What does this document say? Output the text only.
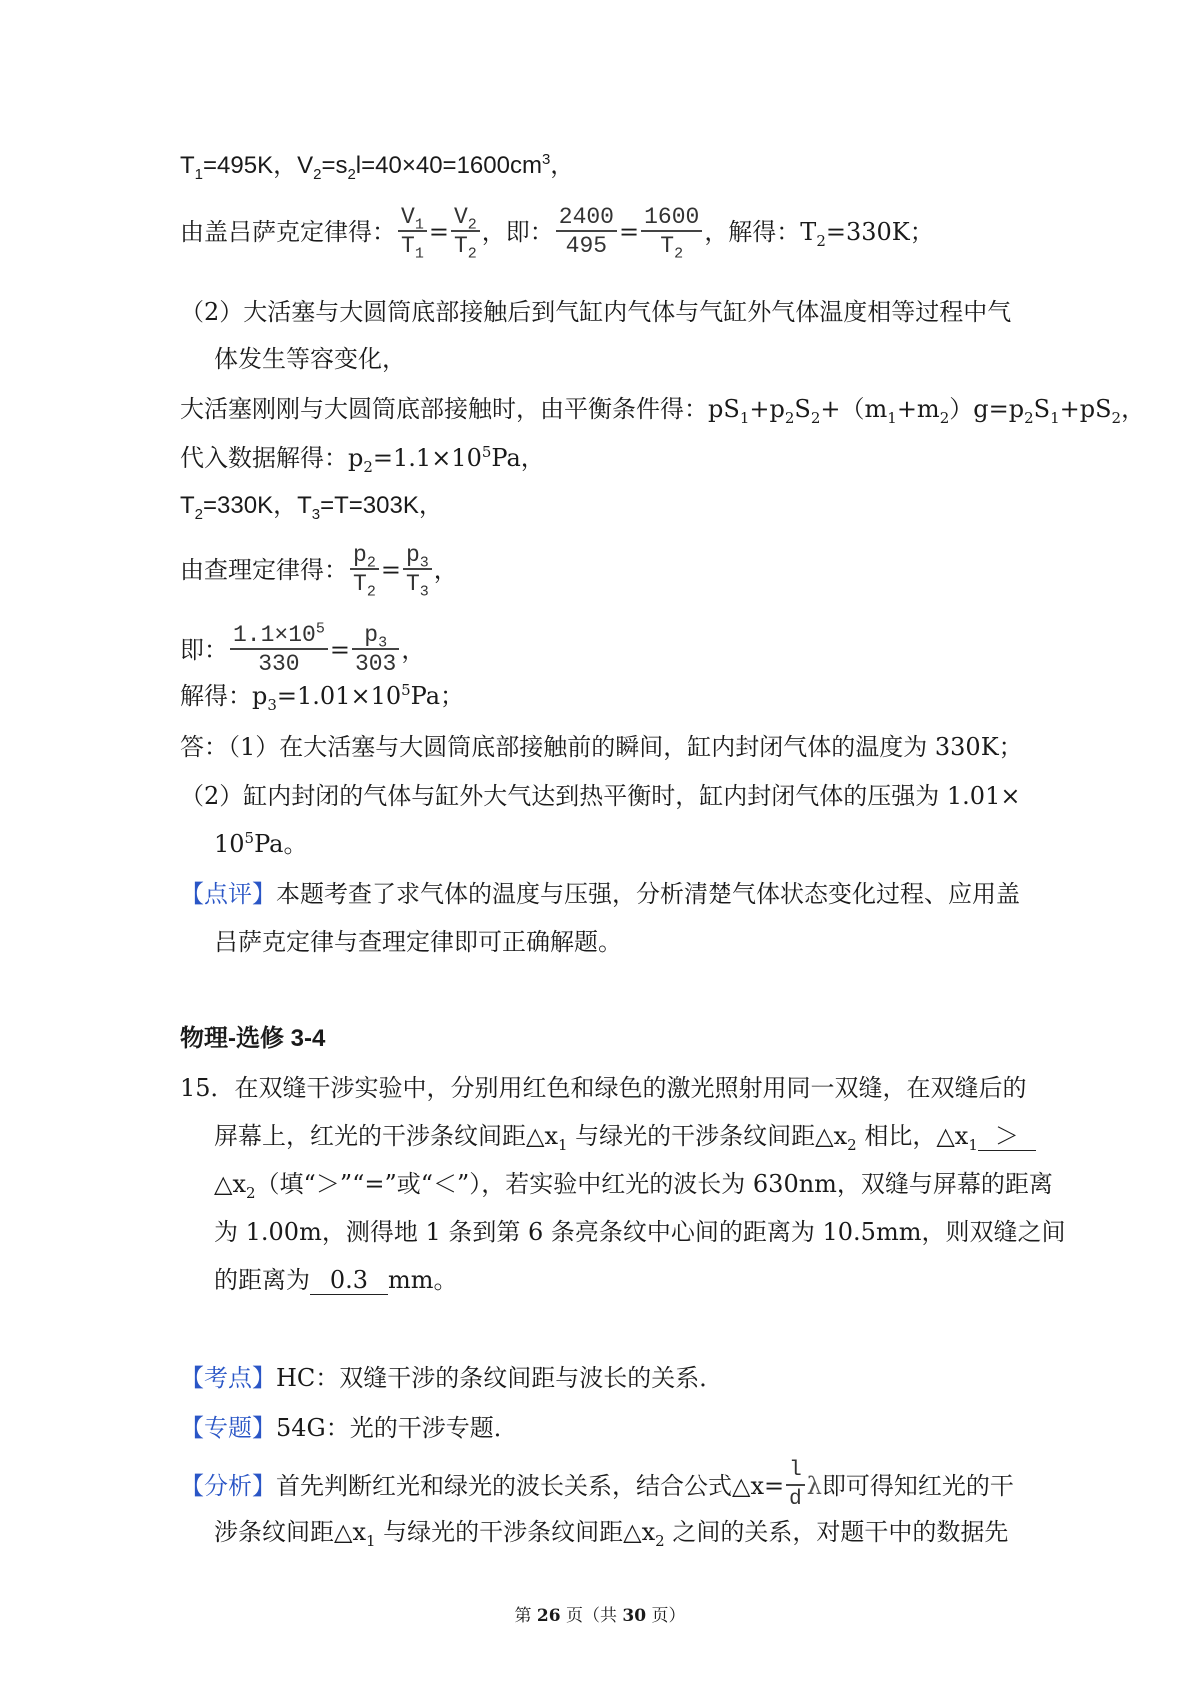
$T_1=495K$，$V_2=s_2l=40\times 40=1600cm^3$，
由盖吕萨克定律得： $\frac{V_1}{T_1} = \frac{V_2}{T_2}$ ，即： $\frac{2400}{495} = \frac{1600}{T_2}$ ，解得：$T_2=330K$；
（2）大活塞与大圆筒底部接触后到气缸内气体与气缸外气体温度相等过程中气
体发生等容变化，
大活塞刚刚与大圆筒底部接触时，由平衡条件得：$pS_1+p_2S_2+(m_1+m_2)g=p_2S_1+pS_2$，
代入数据解得：$p_2=1.1\times 10^5Pa$，
$T_2=330K$，$T_3=T=303K$，
由查理定律得： $\frac{p_2}{T_2} = \frac{p_3}{T_3}$ ，
即： $\frac{1.1\times 10^5}{330} = \frac{p_3}{303}$ ，
解得：$p_3=1.01\times 10^5Pa$；
答：（1）在大活塞与大圆筒底部接触前的瞬间，缸内封闭气体的温度为 330K；
（2）缸内封闭的气体与缸外大气达到热平衡时，缸内封闭气体的压强为 1.01×
$10^5Pa$。
【点评】本题考查了求气体的温度与压强，分析清楚气体状态变化过程、应用盖
吕萨克定律与查理定律即可正确解题。
物理-选修 3-4
15．在双缝干涉实验中，分别用红色和绿色的激光照射用同一双缝，在双缝后的
屏幕上，红光的干涉条纹间距$\triangle x_1$ 与绿光的干涉条纹间距$\triangle x_2$ 相比，$\triangle x_1$ ＞
$\triangle x_2$（填“＞”“=”或“＜”），若实验中红光的波长为 630nm，双缝与屏幕的距离
为 1.00m，测得地 1 条到第 6 条亮条纹中心间的距离为 10.5mm，则双缝之间
的距离为 0.3 mm。
【考点】HC：双缝干涉的条纹间距与波长的关系．
【专题】54G：光的干涉专题．
【分析】首先判断红光和绿光的波长关系，结合公式△x= $\frac{l}{d}$ λ即可得知红光的干
涉条纹间距$\triangle x_1$ 与绿光的干涉条纹间距$\triangle x_2$ 之间的关系，对题干中的数据先
第 26 页（共 30 页）
